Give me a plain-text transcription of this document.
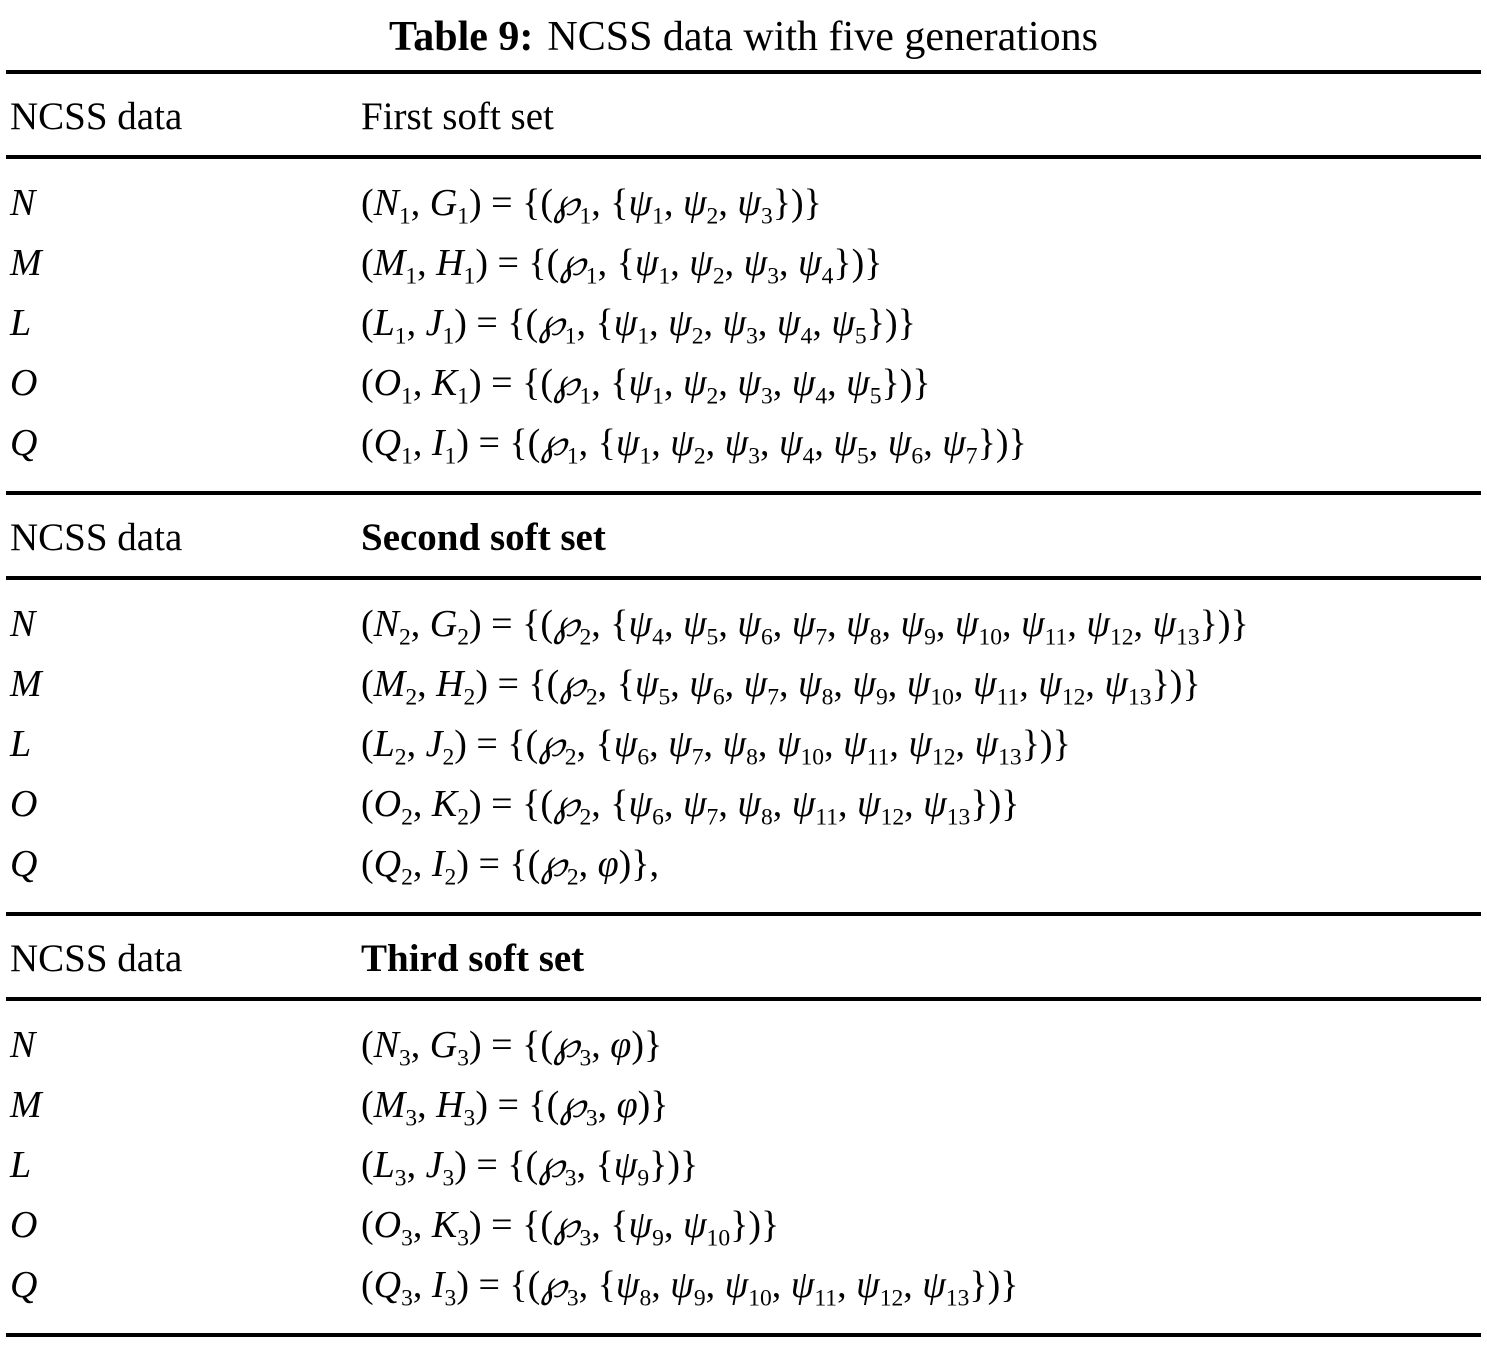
Table 9: NCSS data with five generations
NCSS data	First soft set
N	($N_1$, $G_1$) = {($℘_1$, {$\psi_1$, $\psi_2$, $\psi_3$})}
M	($M_1$, $H_1$) = {($℘_1$, {$\psi_1$, $\psi_2$, $\psi_3$, $\psi_4$})}
L	($L_1$, $J_1$) = {($℘_1$, {$\psi_1$, $\psi_2$, $\psi_3$, $\psi_4$, $\psi_5$})}
O	($O_1$, $K_1$) = {($℘_1$, {$\psi_1$, $\psi_2$, $\psi_3$, $\psi_4$, $\psi_5$})}
Q	($Q_1$, $I_1$) = {($℘_1$, {$\psi_1$, $\psi_2$, $\psi_3$, $\psi_4$, $\psi_5$, $\psi_6$, $\psi_7$})}
NCSS data	Second soft set
N	($N_2$, $G_2$) = {($℘_2$, {$\psi_4$, $\psi_5$, $\psi_6$, $\psi_7$, $\psi_8$, $\psi_9$, $\psi_{10}$, $\psi_{11}$, $\psi_{12}$, $\psi_{13}$})}
M	($M_2$, $H_2$) = {($℘_2$, {$\psi_5$, $\psi_6$, $\psi_7$, $\psi_8$, $\psi_9$, $\psi_{10}$, $\psi_{11}$, $\psi_{12}$, $\psi_{13}$})}
L	($L_2$, $J_2$) = {($℘_2$, {$\psi_6$, $\psi_7$, $\psi_8$, $\psi_{10}$, $\psi_{11}$, $\psi_{12}$, $\psi_{13}$})}
O	($O_2$, $K_2$) = {($℘_2$, {$\psi_6$, $\psi_7$, $\psi_8$, $\psi_{11}$, $\psi_{12}$, $\psi_{13}$})}
Q	($Q_2$, $I_2$) = {($℘_2$, φ)},
NCSS data	Third soft set
N	($N_3$, $G_3$) = {($℘_3$, φ)}
M	($M_3$, $H_3$) = {($℘_3$, φ)}
L	($L_3$, $J_3$) = {($℘_3$, $\{\psi_9\}$)}
O	($O_3$, $K_3$) = {($℘_3$, {$\psi_9$, $\psi_{10}$})}
Q	($Q_3$, $I_3$) = {($℘_3$, {$\psi_8$, $\psi_9$, $\psi_{10}$, $\psi_{11}$, $\psi_{12}$, $\psi_{13}$})}
